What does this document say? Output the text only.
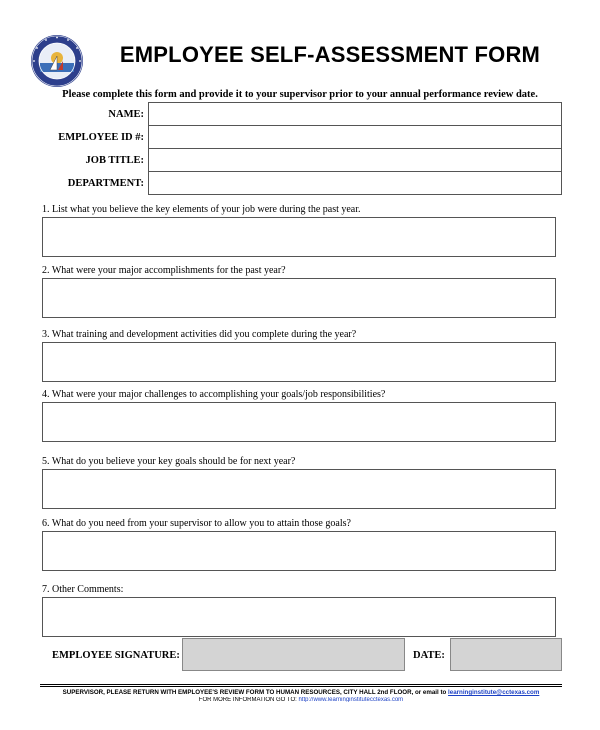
EMPLOYEE SELF-ASSESSMENT FORM
Please complete this form and provide it to your supervisor prior to your annual performance review date.
NAME:	
EMPLOYEE ID #:	
JOB TITLE:	
DEPARTMENT:	
1. List what you believe the key elements of your job were during the past year.
2. What were your major accomplishments for the past year?
3. What training and development activities did you complete during the year?
4. What were your major challenges to accomplishing your goals/job responsibilities?
5. What do you believe your key goals should be for next year?
6. What do you need from your supervisor to allow you to attain those goals?
7. Other Comments:
EMPLOYEE SIGNATURE:	DATE:
SUPERVISOR, PLEASE RETURN WITH EMPLOYEE'S REVIEW FORM TO HUMAN RESOURCES, CITY HALL 2nd FLOOR, or email to learninginstitute@cctexas.com
FOR MORE INFORMATION GO TO: http://www.learninginstitutecctexas.com
